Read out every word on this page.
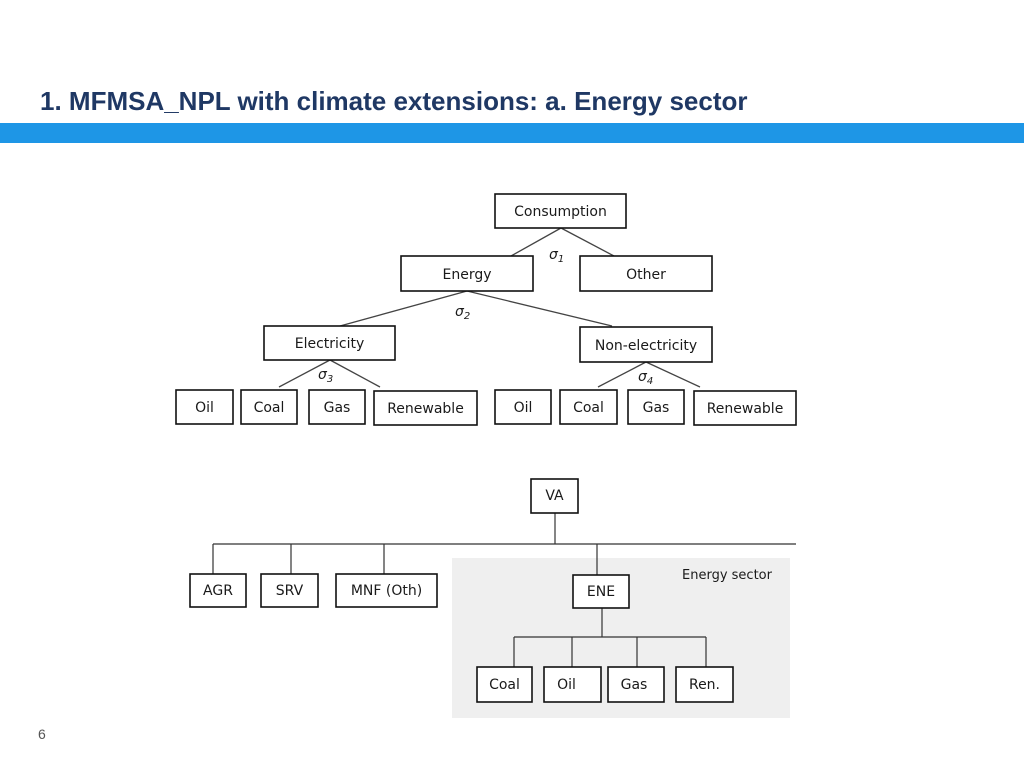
1. MFMSA_NPL with climate extensions: a. Energy sector
Consumption
$\sigma_1$
Energy	Other
$\sigma_2$
Electricity	Non-electricity
$\sigma_3$	$\sigma_4$
Oil	Coal	Gas	Renewable	Oil	Coal	Gas	Renewable
Energy sector
VA
AGR	SRV	MNF (Oth)	ENE
Coal	Oil	Gas	Ren.
6
